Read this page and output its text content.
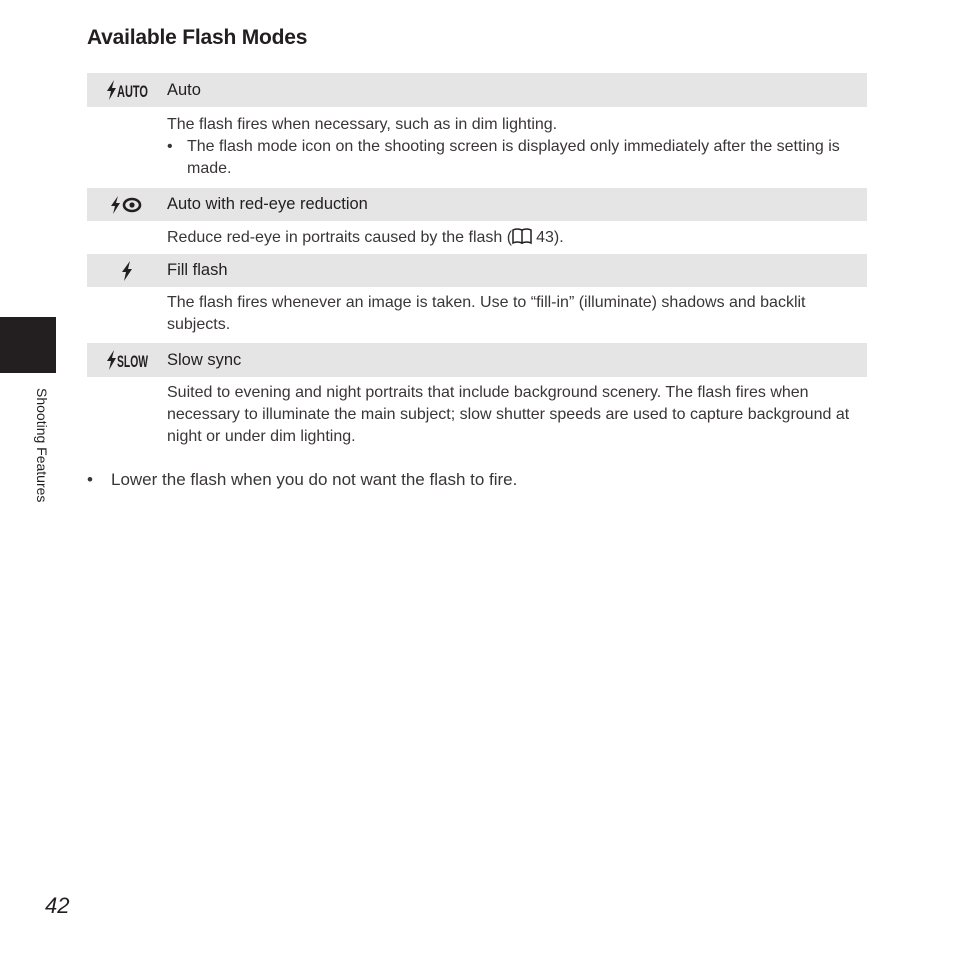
Available Flash Modes
AUTO Auto
The flash fires when necessary, such as in dim lighting.
• The flash mode icon on the shooting screen is displayed only immediately after the setting is made.
Auto with red-eye reduction
Reduce red-eye in portraits caused by the flash ( 43).
Fill flash
The flash fires whenever an image is taken. Use to “fill-in” (illuminate) shadows and backlit subjects.
SLOW Slow sync
Suited to evening and night portraits that include background scenery. The flash fires when necessary to illuminate the main subject; slow shutter speeds are used to capture background at night or under dim lighting.
•	Lower the flash when you do not want the flash to fire.
Shooting Features
42
